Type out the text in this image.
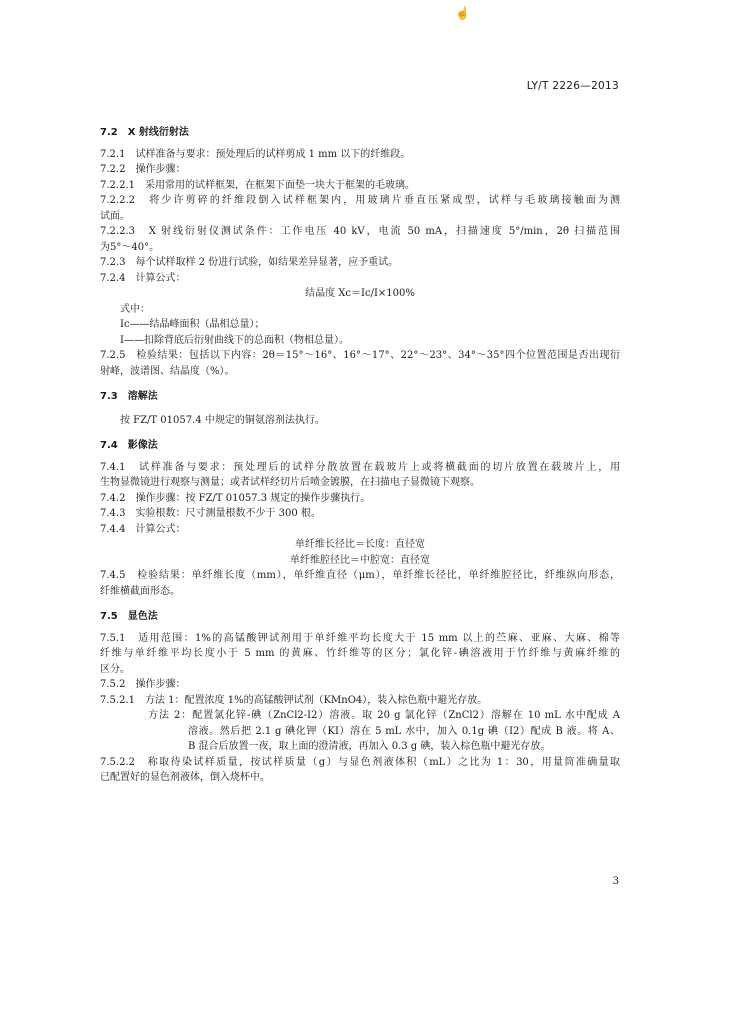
☝
LY/T 2226—2013
7.2　 X 射线衍射法
7.2.1　试样准备与要求：预处理后的试样剪成 1 mm 以下的纤维段。
7.2.2　操作步骤：
7.2.2.1　采用常用的试样框架，在框架下面垫一块大于框架的毛玻璃。
7.2.2.2　将少许剪碎的纤维段倒入试样框架内，用玻璃片垂直压紧成型，试样与毛玻璃接触面为测
试面。
7.2.2.3　X 射线衍射仪测试条件：工作电压 40 kV，电流 50 mA，扫描速度 5°/min，2θ 扫描范围
为5°～40°。
7.2.3　每个试样取样 2 份进行试验，如结果差异显著，应予重试。
7.2.4　计算公式：
结晶度 Xc＝Ic/I×100%
式中：
Ic——结晶峰面积（晶相总量）；
I——扣除背底后衍射曲线下的总面积（物相总量）。
7.2.5　检验结果：包括以下内容：2θ＝15°～16°、16°～17°、22°～23°、34°～35°四个位置范围是否出现衍
射峰，波谱图、结晶度（%）。
7.3　 溶解法
按 FZ/T 01057.4 中规定的铜氨溶剂法执行。
7.4　 影像法
7.4.1　试样准备与要求：预处理后的试样分散放置在载玻片上或将横截面的切片放置在载玻片上，用
生物显微镜进行观察与测量；或者试样经切片后喷金镀膜，在扫描电子显微镜下观察。
7.4.2　操作步骤：按 FZ/T 01057.3 规定的操作步骤执行。
7.4.3　实验根数：尺寸测量根数不少于 300 根。
7.4.4　计算公式：
单纤维长径比＝长度：直径宽
单纤维腔径比＝中腔宽：直径宽
7.4.5　检验结果：单纤维长度（mm），单纤维直径（μm），单纤维长径比，单纤维腔径比，纤维纵向形态，
纤维横截面形态。
7.5　 显色法
7.5.1　适用范围：1%的高锰酸钾试剂用于单纤维平均长度大于 15 mm 以上的苎麻、亚麻、大麻、棉等
纤维与单纤维平均长度小于 5 mm 的黄麻、竹纤维等的区分；氯化锌-碘溶液用于竹纤维与黄麻纤维的
区分。
7.5.2　操作步骤：
7.5.2.1　方法 1：配置浓度 1%的高锰酸钾试剂（KMnO4），装入棕色瓶中避光存放。
方法 2：配置氯化锌-碘（ZnCl2-I2）溶液。取 20 g 氯化锌（ZnCl2）溶解在 10 mL 水中配成 A
溶液。然后把 2.1 g 碘化钾（KI）溶在 5 mL 水中，加入 0.1g 碘（I2）配成 B 液。将 A、
B 混合后放置一夜，取上面的澄清液，再加入 0.3 g 碘，装入棕色瓶中避光存放。
7.5.2.2　称取待染试样质量，按试样质量（g）与显色剂液体积（mL）之比为 1：30，用量筒准确量取
已配置好的显色剂液体，倒入烧杯中。
3
